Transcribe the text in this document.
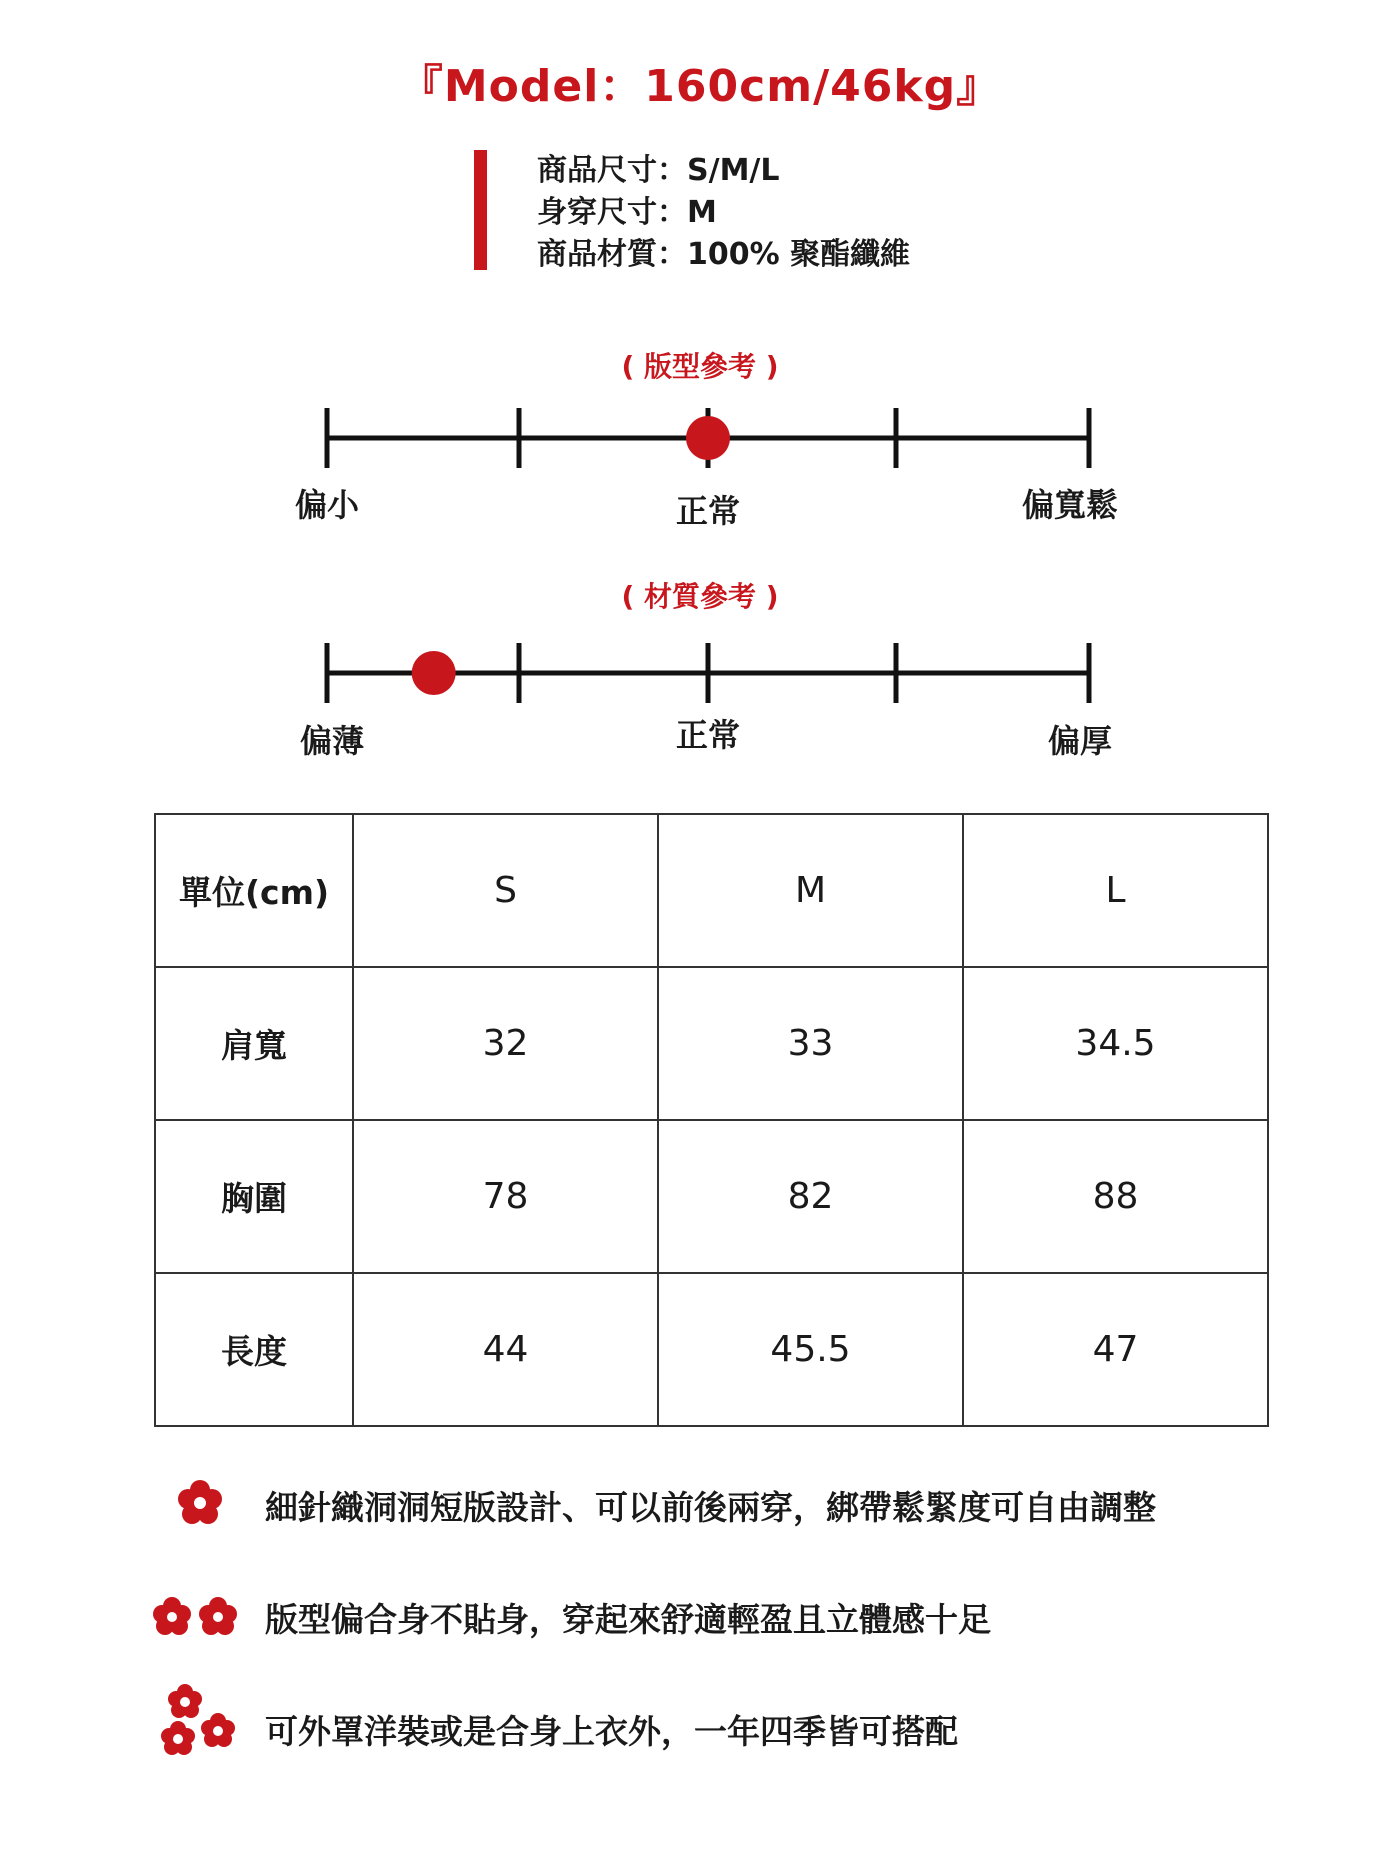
『Model：160cm/46kg』
商品尺寸：S/M/L
身穿尺寸：M
商品材質：100% 聚酯纖維
( 版型參考 )
偏小	正常	偏寬鬆
( 材質參考 )
偏薄	正常	偏厚
單位(cm)	S	M	L
肩寬	32	33	34.5
胸圍	78	82	88
長度	44	45.5	47
細針織洞洞短版設計、可以前後兩穿，綁帶鬆緊度可自由調整
版型偏合身不貼身，穿起來舒適輕盈且立體感十足
可外罩洋裝或是合身上衣外，一年四季皆可搭配
